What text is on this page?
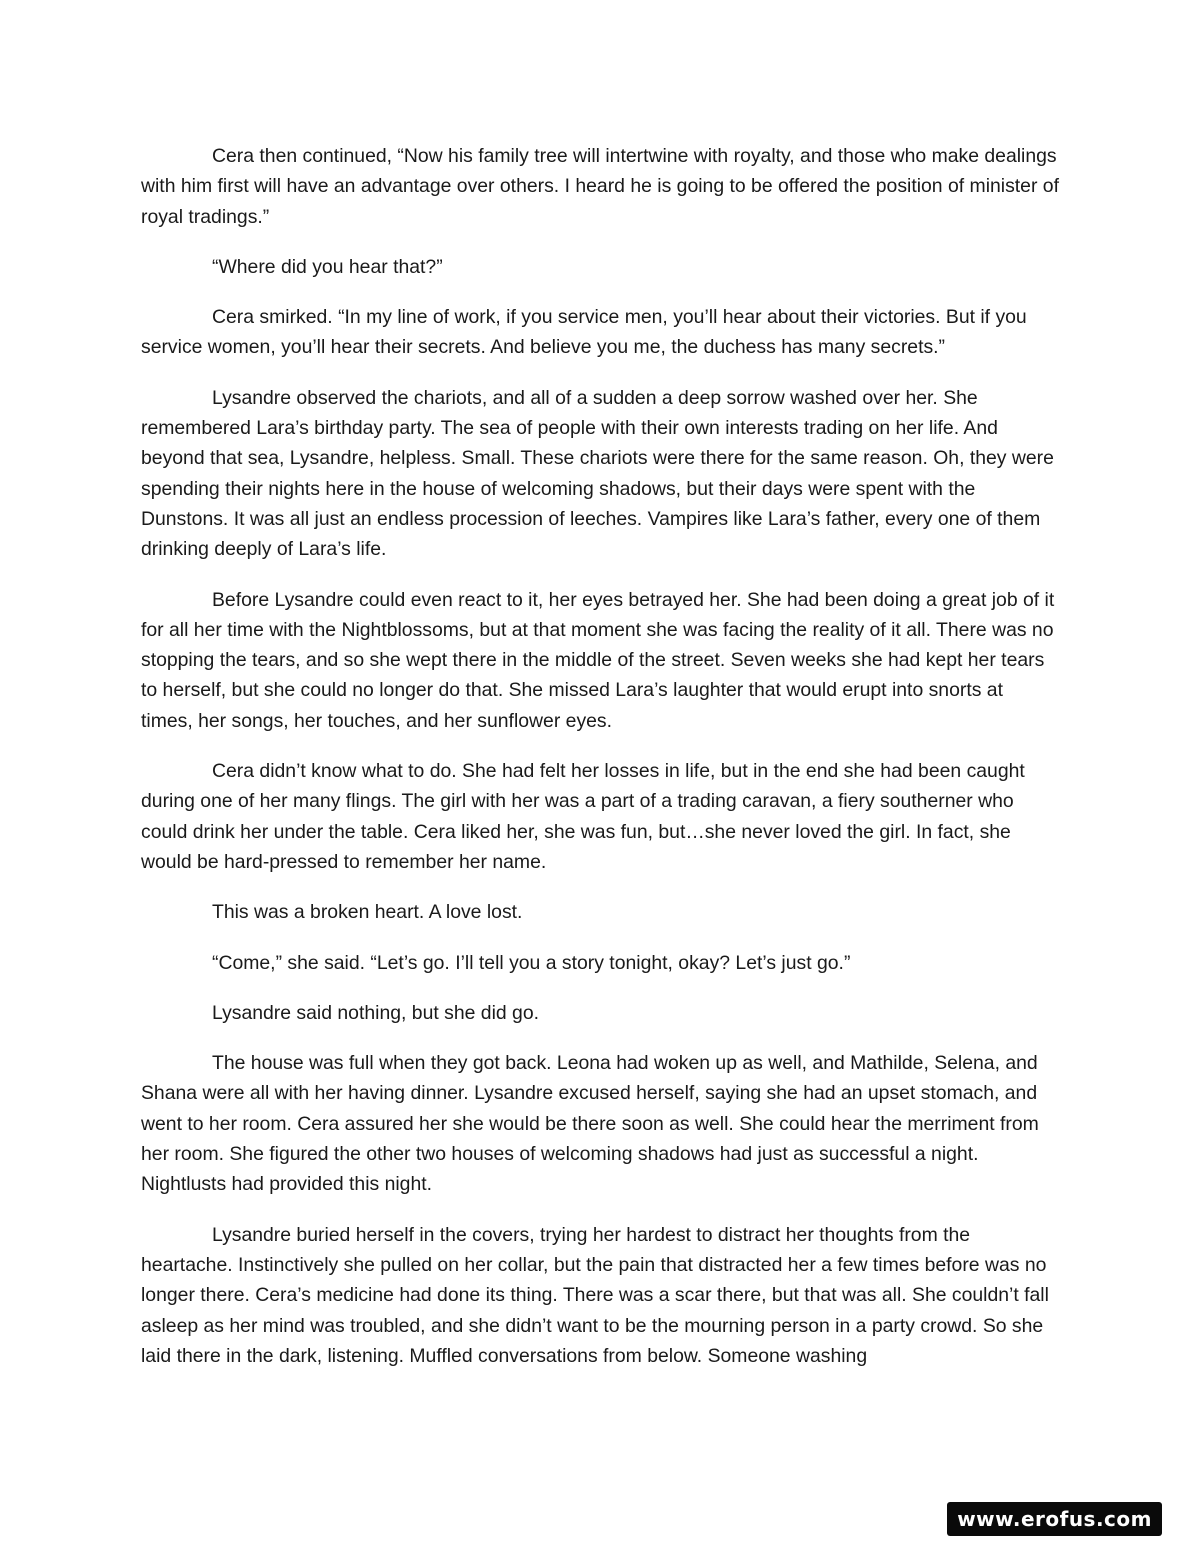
Cera then continued, “Now his family tree will intertwine with royalty, and those who make dealings with him first will have an advantage over others. I heard he is going to be offered the position of minister of royal tradings.”

“Where did you hear that?”

Cera smirked. “In my line of work, if you service men, you’ll hear about their victories. But if you service women, you’ll hear their secrets. And believe you me, the duchess has many secrets.”

Lysandre observed the chariots, and all of a sudden a deep sorrow washed over her. She remembered Lara’s birthday party. The sea of people with their own interests trading on her life. And beyond that sea, Lysandre, helpless. Small. These chariots were there for the same reason. Oh, they were spending their nights here in the house of welcoming shadows, but their days were spent with the Dunstons. It was all just an endless procession of leeches. Vampires like Lara’s father, every one of them drinking deeply of Lara’s life.

Before Lysandre could even react to it, her eyes betrayed her. She had been doing a great job of it for all her time with the Nightblossoms, but at that moment she was facing the reality of it all. There was no stopping the tears, and so she wept there in the middle of the street. Seven weeks she had kept her tears to herself, but she could no longer do that. She missed Lara’s laughter that would erupt into snorts at times, her songs, her touches, and her sunflower eyes.

Cera didn’t know what to do. She had felt her losses in life, but in the end she had been caught during one of her many flings. The girl with her was a part of a trading caravan, a fiery southerner who could drink her under the table. Cera liked her, she was fun, but…she never loved the girl. In fact, she would be hard-pressed to remember her name.

This was a broken heart. A love lost.

“Come,” she said. “Let’s go. I’ll tell you a story tonight, okay? Let’s just go.”

Lysandre said nothing, but she did go.

The house was full when they got back. Leona had woken up as well, and Mathilde, Selena, and Shana were all with her having dinner. Lysandre excused herself, saying she had an upset stomach, and went to her room. Cera assured her she would be there soon as well. She could hear the merriment from her room. She figured the other two houses of welcoming shadows had just as successful a night. Nightlusts had provided this night.

Lysandre buried herself in the covers, trying her hardest to distract her thoughts from the heartache. Instinctively she pulled on her collar, but the pain that distracted her a few times before was no longer there. Cera’s medicine had done its thing. There was a scar there, but that was all. She couldn’t fall asleep as her mind was troubled, and she didn’t want to be the mourning person in a party crowd. So she laid there in the dark, listening. Muffled conversations from below. Someone washing

www.erofus.com
